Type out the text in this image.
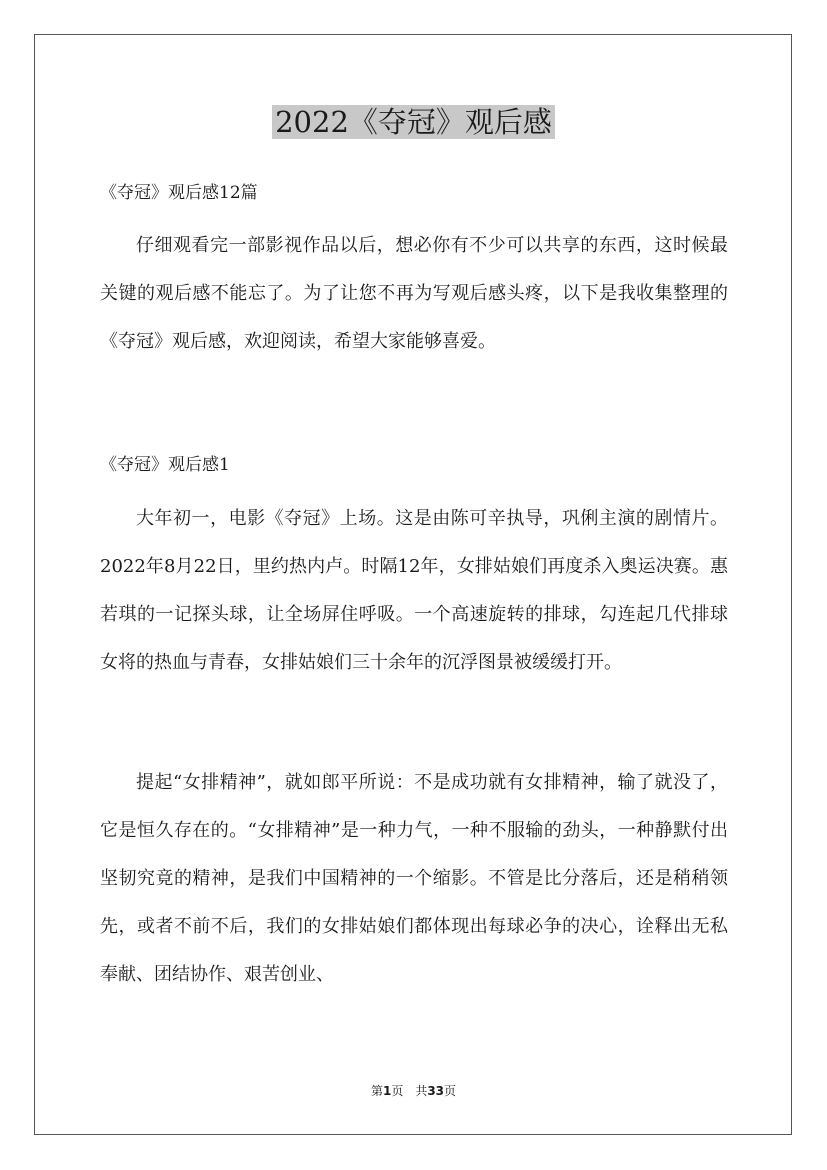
2022《夺冠》观后感
《夺冠》观后感12篇

仔细观看完一部影视作品以后，想必你有不少可以共享的东西，这时候最关键的观后感不能忘了。为了让您不再为写观后感头疼，以下是我收集整理的《夺冠》观后感，欢迎阅读，希望大家能够喜爱。

《夺冠》观后感1

大年初一，电影《夺冠》上场。这是由陈可辛执导，巩俐主演的剧情片。2022年8月22日，里约热内卢。时隔12年，女排姑娘们再度杀入奥运决赛。惠若琪的一记探头球，让全场屏住呼吸。一个高速旋转的排球，勾连起几代排球女将的热血与青春，女排姑娘们三十余年的沉浮图景被缓缓打开。

提起“女排精神”，就如郎平所说：不是成功就有女排精神，输了就没了，它是恒久存在的。“女排精神”是一种力气，一种不服输的劲头，一种静默付出坚韧究竟的精神，是我们中国精神的一个缩影。不管是比分落后，还是稍稍领先，或者不前不后，我们的女排姑娘们都体现出每球必争的决心，诠释出无私奉献、团结协作、艰苦创业、

第1页　共33页
